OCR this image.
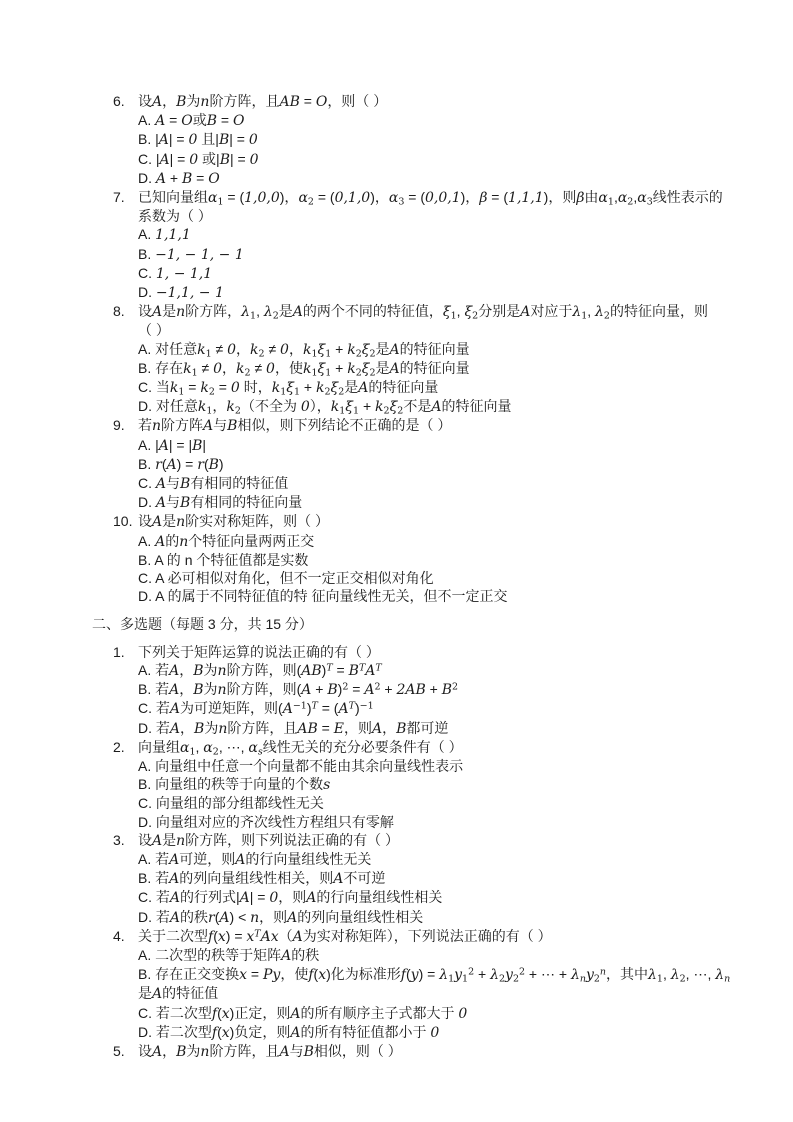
6. 设A，B为n阶方阵，且AB = O，则（ ）
A. A = O或B = O
B. |A| = 0 且|B| = 0
C. |A| = 0 或|B| = 0
D. A + B = O
7. 已知向量组$\alpha_1 = (1,0,0)$，$\alpha_2 = (0,1,0)$，$\alpha_3 = (0,0,1)$，β = (1,1,1)，则β由$\alpha_1,\alpha_2,\alpha_3$线性表示的
系数为（ ）
A. 1,1,1
B. −1, − 1, − 1
C. 1, − 1,1
D. −1,1, − 1
8. 设A是n阶方阵，$\lambda_1$, $\lambda_2$是A的两个不同的特征值，$\xi_1$, $\xi_2$分别是A对应于$\lambda_1$, $\lambda_2$的特征向量，则
（ ）
A. 对任意$k_1 \ne 0$，$k_2 \ne 0$，$k_1\xi_1 + k_2\xi_2$是A的特征向量
B. 存在$k_1 \ne 0$，$k_2 \ne 0$，使$k_1\xi_1 + k_2\xi_2$是A的特征向量
C. 当$k_1 = k_2 = 0$ 时，$k_1\xi_1 + k_2\xi_2$是A的特征向量
D. 对任意$k_1$，$k_2$（不全为 0），$k_1\xi_1 + k_2\xi_2$不是A的特征向量
9. 若n阶方阵A与B相似，则下列结论不正确的是（ ）
A. |A| = |B|
B. r(A) = r(B)
C. A与B有相同的特征值
D. A与B有相同的特征向量
10. 设A是n阶实对称矩阵，则（ ）
A. A的n个特征向量两两正交
B. A 的 n 个特征值都是实数
C. A 必可相似对角化，但不一定正交相似对角化
D. A 的属于不同特征值的特 征向量线性无关，但不一定正交
二、多选题（每题 3 分，共 15 分）
1. 下列关于矩阵运算的说法正确的有（ ）
A. 若A，B为n阶方阵，则$(AB)^T = B^TA^T$
B. 若A，B为n阶方阵，则$(A + B)^2 = A^2 + 2AB + B^2$
C. 若A为可逆矩阵，则$(A^{-1})^T = (A^T)^{-1}$
D. 若A，B为n阶方阵，且AB = E，则A，B都可逆
2. 向量组$\alpha_1$, $\alpha_2$, ⋯, $\alpha_s$线性无关的充分必要条件有（ ）
A. 向量组中任意一个向量都不能由其余向量线性表示
B. 向量组的秩等于向量的个数s
C. 向量组的部分组都线性无关
D. 向量组对应的齐次线性方程组只有零解
3. 设A是n阶方阵，则下列说法正确的有（ ）
A. 若A可逆，则A的行向量组线性无关
B. 若A的列向量组线性相关，则A不可逆
C. 若A的行列式|A| = 0，则A的行向量组线性相关
D. 若A的秩r(A) < n，则A的列向量组线性相关
4. 关于二次型$f(x) = x^TAx(A$为实对称矩阵），下列说法正确的有（ ）
A. 二次型的秩等于矩阵A的秩
B. 存在正交变换x = Py，使f(x)化为标准形$f(y) = \lambda_1y_1^2 + \lambda_2y_2^2$ + ⋯ + $\lambda_ny_2^n$，其中$\lambda_1$, $\lambda_2$, ⋯, $\lambda_n$
是A的特征值
C. 若二次型f(x)正定，则A的所有顺序主子式都大于 0
D. 若二次型f(x)负定，则A的所有特征值都小于 0
5. 设A，B为n阶方阵，且A与B相似，则（ ）
